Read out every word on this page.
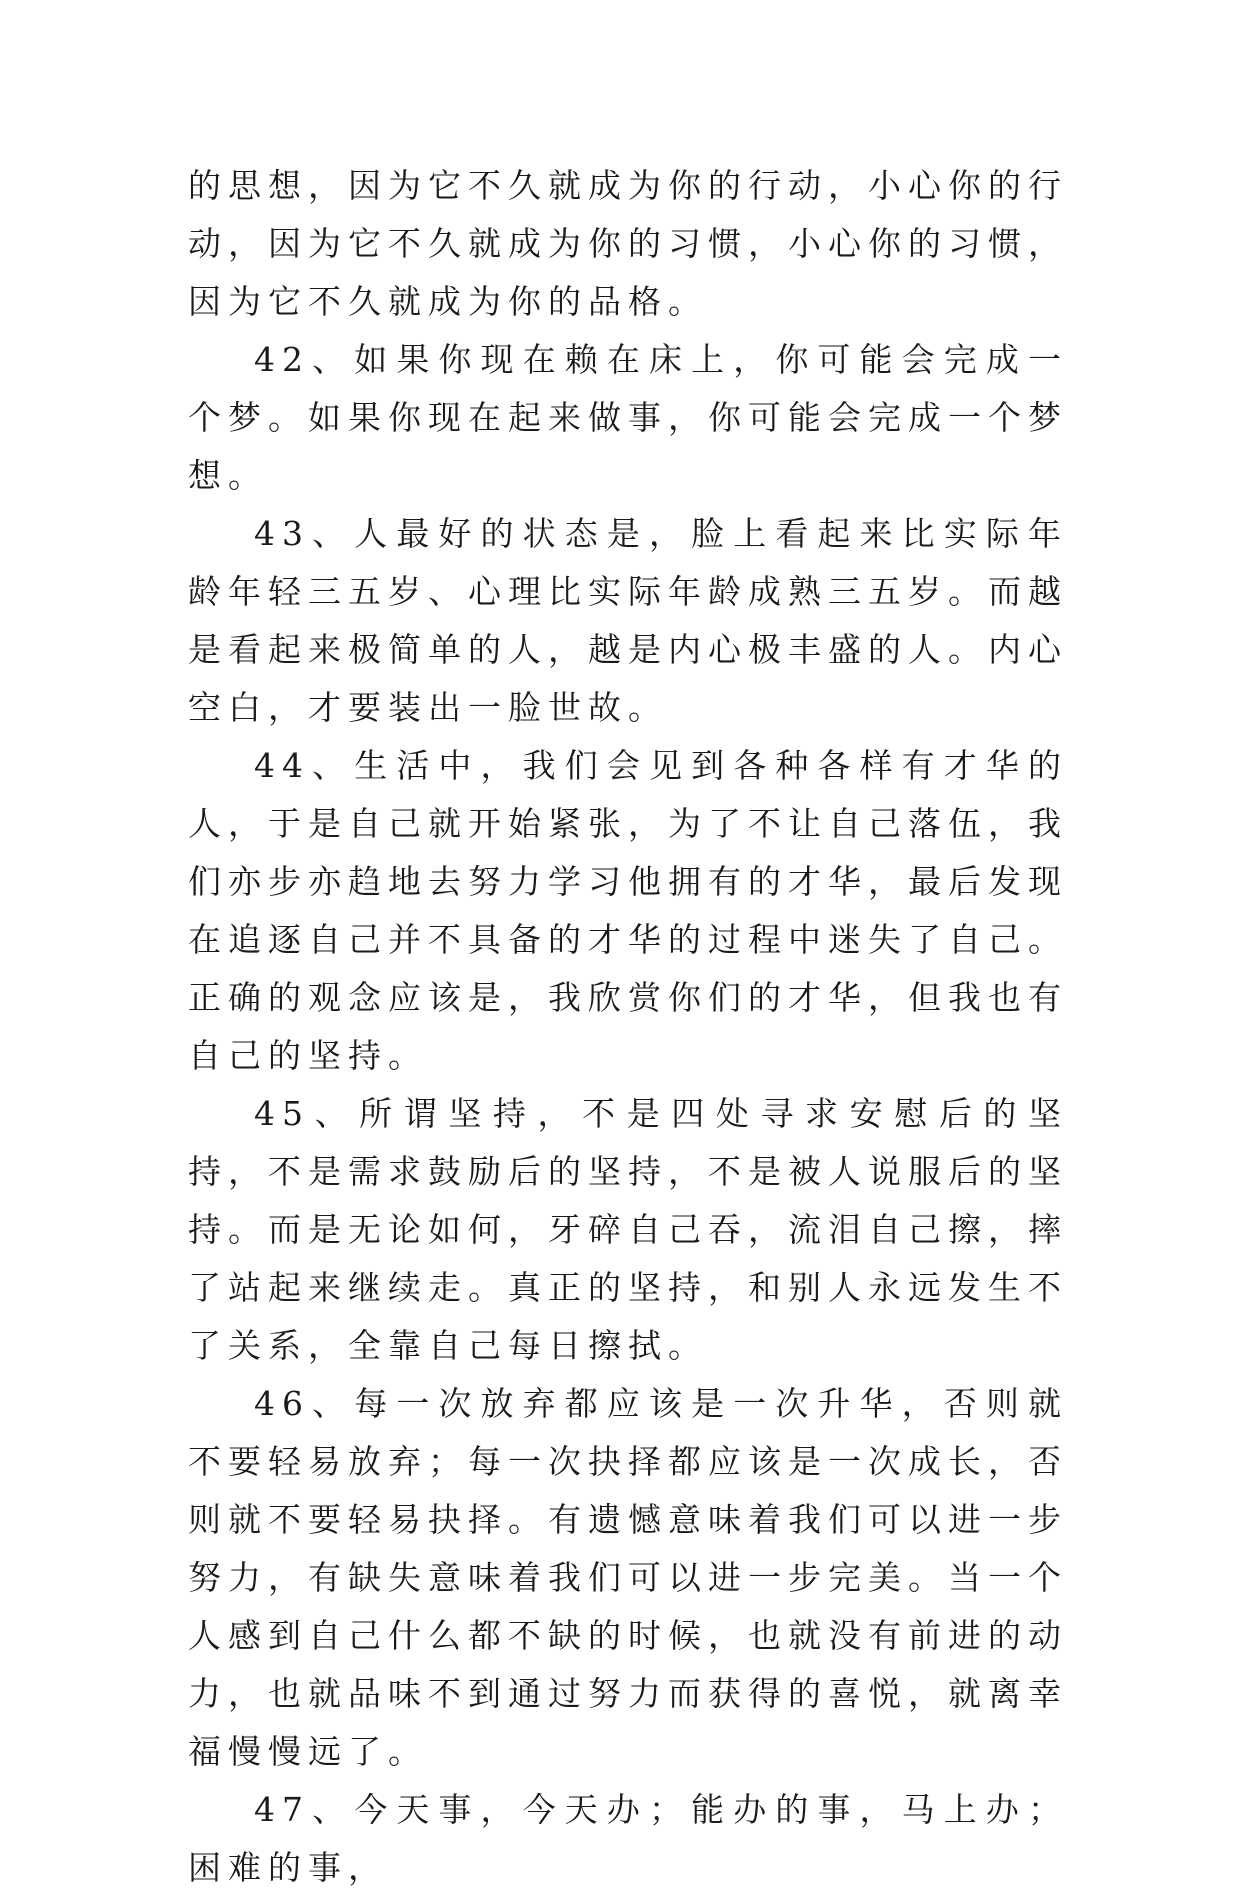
的思想，因为它不久就成为你的行动，小心你的行动，因为它不久就成为你的习惯，小心你的习惯，因为它不久就成为你的品格。

42、如果你现在赖在床上，你可能会完成一个梦。如果你现在起来做事，你可能会完成一个梦想。

43、人最好的状态是，脸上看起来比实际年龄年轻三五岁、心理比实际年龄成熟三五岁。而越是看起来极简单的人，越是内心极丰盛的人。内心空白，才要装出一脸世故。

44、生活中，我们会见到各种各样有才华的人，于是自己就开始紧张，为了不让自己落伍，我们亦步亦趋地去努力学习他拥有的才华，最后发现在追逐自己并不具备的才华的过程中迷失了自己。正确的观念应该是，我欣赏你们的才华，但我也有自己的坚持。

45、所谓坚持，不是四处寻求安慰后的坚持，不是需求鼓励后的坚持，不是被人说服后的坚持。而是无论如何，牙碎自己吞，流泪自己擦，摔了站起来继续走。真正的坚持，和别人永远发生不了关系，全靠自己每日擦拭。

46、每一次放弃都应该是一次升华，否则就不要轻易放弃；每一次抉择都应该是一次成长，否则就不要轻易抉择。有遗憾意味着我们可以进一步努力，有缺失意味着我们可以进一步完美。当一个人感到自己什么都不缺的时候，也就没有前进的动力，也就品味不到通过努力而获得的喜悦，就离幸福慢慢远了。

47、今天事，今天办；能办的事，马上办；困难的事，
